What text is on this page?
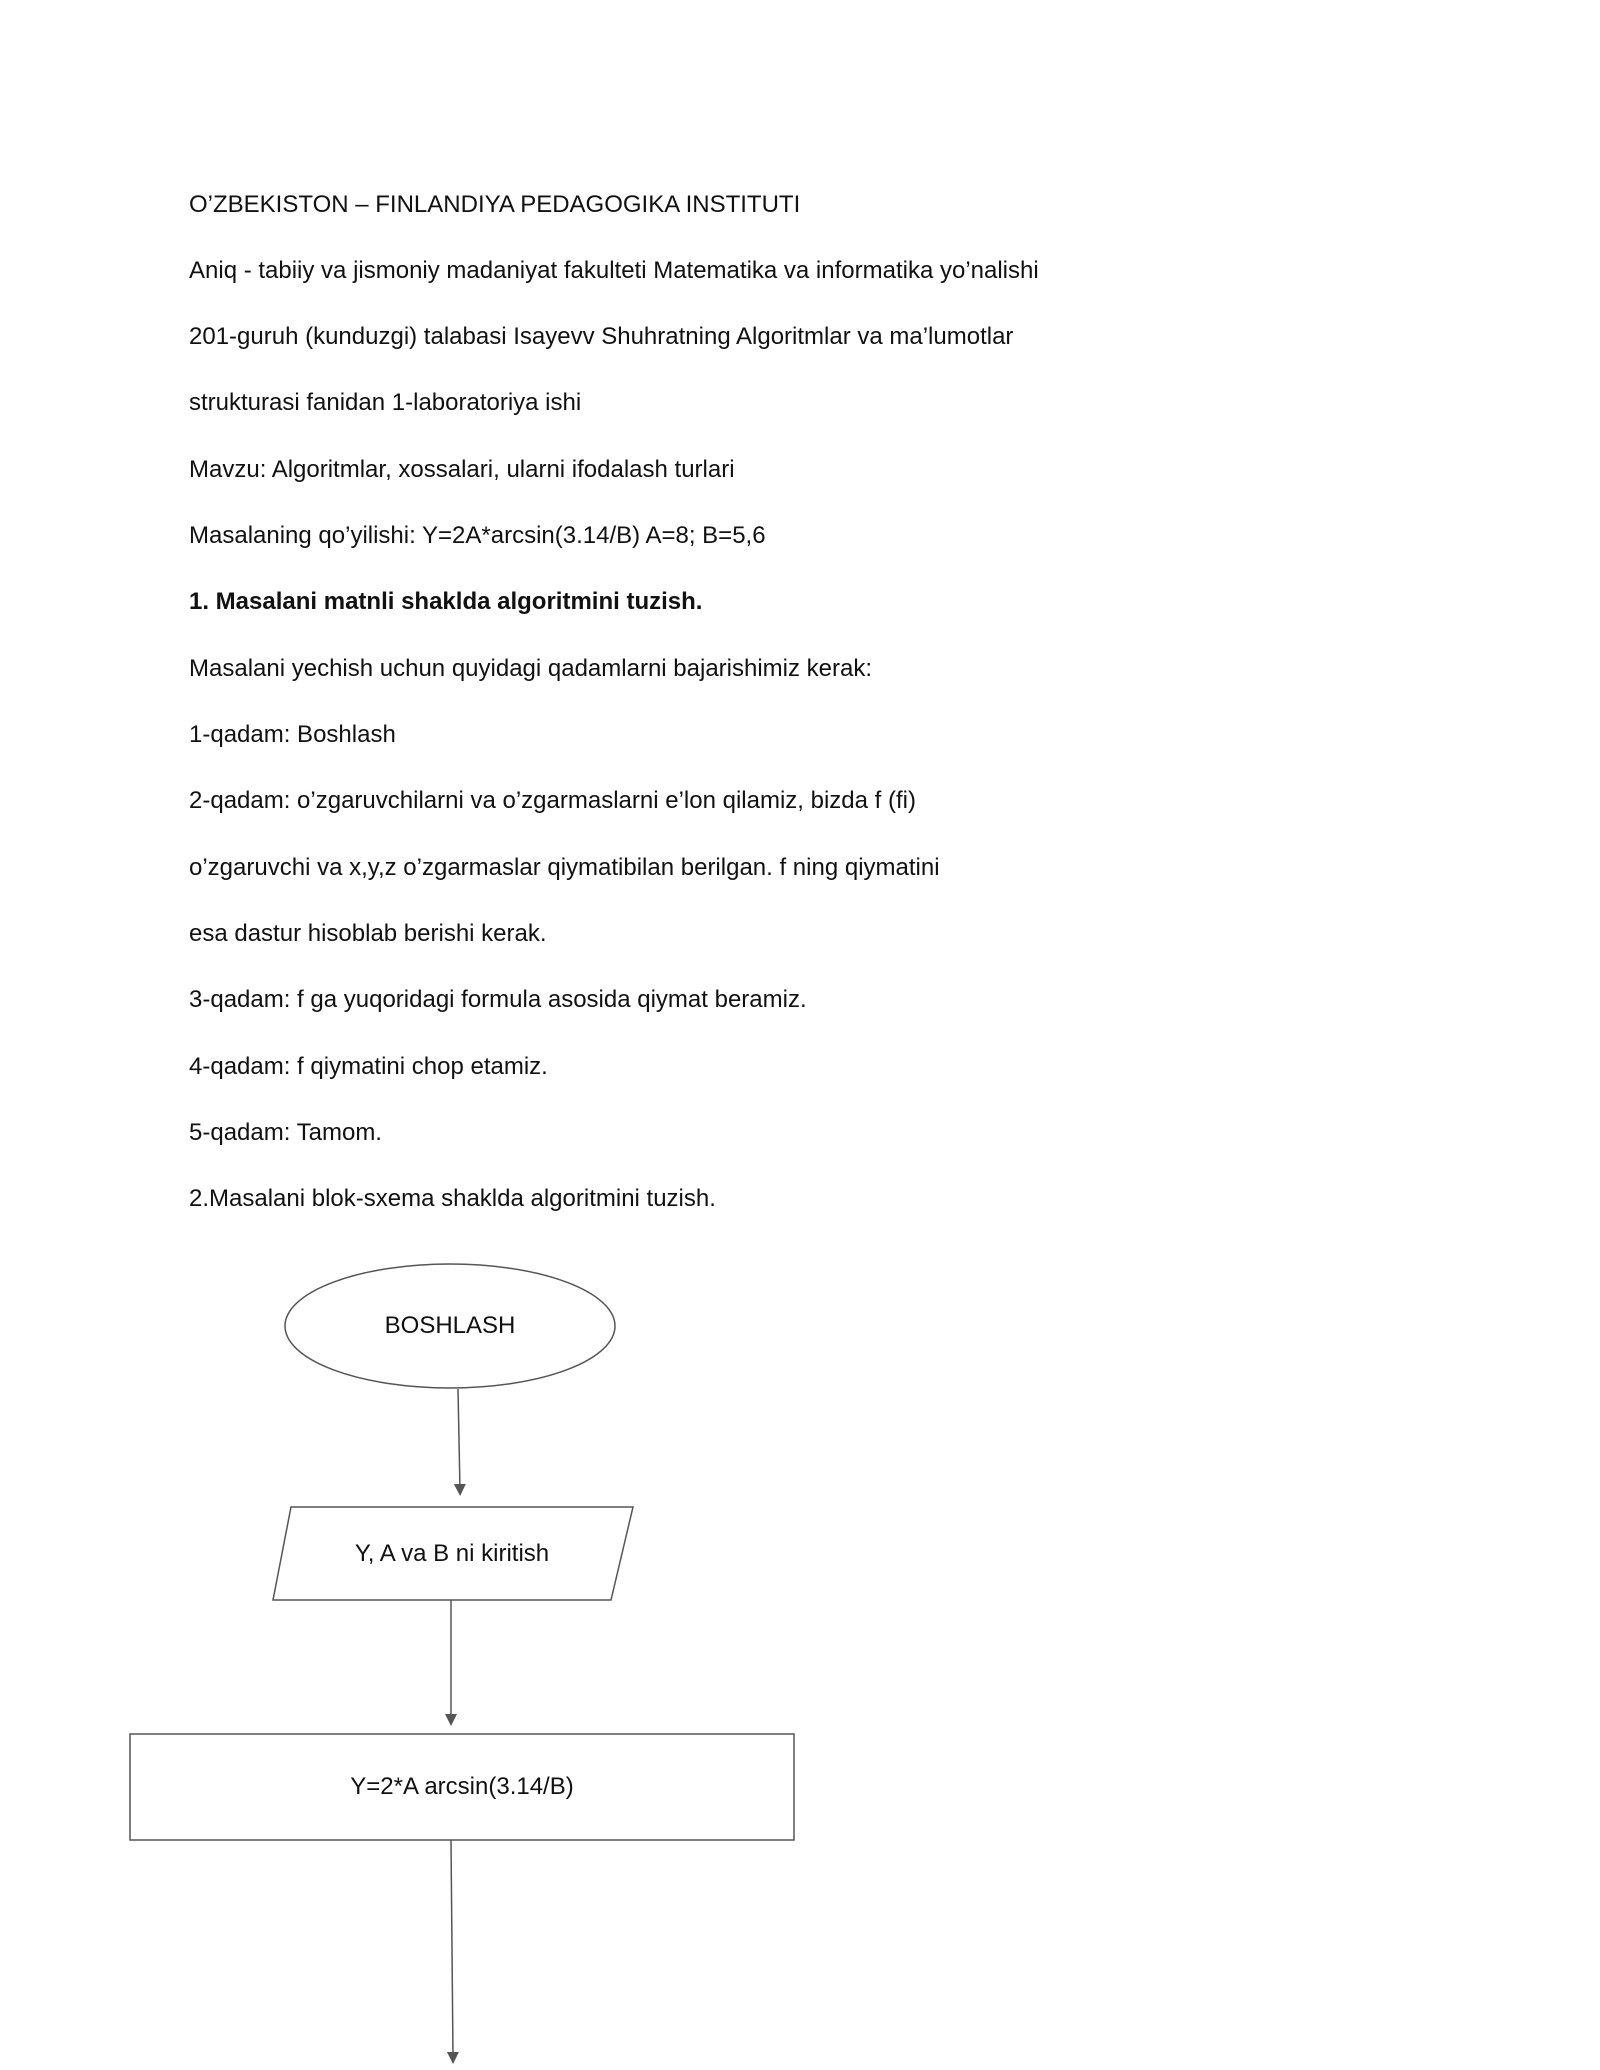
O’ZBEKISTON – FINLANDIYA PEDAGOGIKA INSTITUTI

Aniq - tabiiy va jismoniy madaniyat fakulteti Matematika va informatika yo’nalishi

201-guruh (kunduzgi) talabasi Isayevv Shuhratning Algoritmlar va ma’lumotlar

strukturasi fanidan 1-laboratoriya ishi

Mavzu: Algoritmlar, xossalari, ularni ifodalash turlari

Masalaning qo’yilishi: Y=2A*arcsin(3.14/B) A=8; B=5,6

1. Masalani matnli shaklda algoritmini tuzish.

Masalani yechish uchun quyidagi qadamlarni bajarishimiz kerak:

1-qadam: Boshlash

2-qadam: o’zgaruvchilarni va o’zgarmaslarni e’lon qilamiz, bizda f (fi)

o’zgaruvchi va x,y,z o’zgarmaslar qiymatibilan berilgan. f ning qiymatini

esa dastur hisoblab berishi kerak.

3-qadam: f ga yuqoridagi formula asosida qiymat beramiz.

4-qadam: f qiymatini chop etamiz.

5-qadam: Tamom.

2.Masalani blok-sxema shaklda algoritmini tuzish.

BOSHLASH
Y, A va B ni kiritish
Y=2*A arcsin(3.14/B)
